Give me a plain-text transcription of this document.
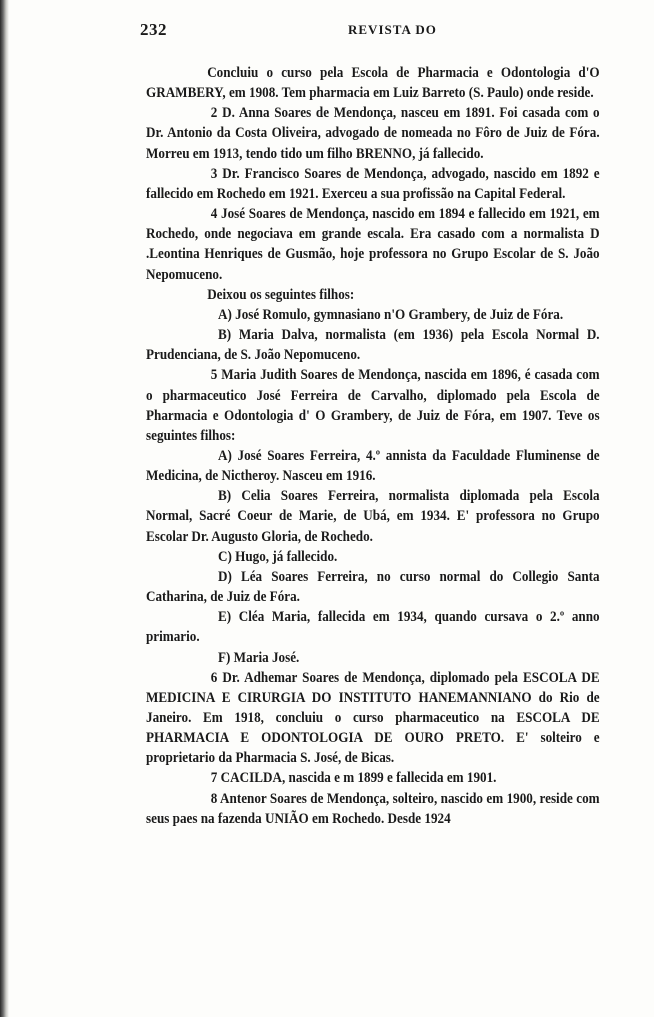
232	REVISTA DO

Concluiu o curso pela Escola de Pharmacia e Odontologia d'O GRAMBERY, em 1908. Tem pharmacia em Luiz Barreto (S. Paulo) onde reside.

2 D. Anna Soares de Mendonça, nasceu em 1891. Foi casada com o Dr. Antonio da Costa Oliveira, advogado de nomeada no Fôro de Juiz de Fóra. Morreu em 1913, tendo tido um filho BRENNO, já fallecido.

3 Dr. Francisco Soares de Mendonça, advogado, nascido em 1892 e fallecido em Rochedo em 1921. Exerceu a sua profissão na Capital Federal.

4 José Soares de Mendonça, nascido em 1894 e fallecido em 1921, em Rochedo, onde negociava em grande escala. Era casado com a normalista D .Leontina Henriques de Gusmão, hoje professora no Grupo Escolar de S. João Nepomuceno.

Deixou os seguintes filhos:

A) José Romulo, gymnasiano n'O Grambery, de Juiz de Fóra.

B) Maria Dalva, normalista (em 1936) pela Escola Normal D. Prudenciana, de S. João Nepomuceno.

5 Maria Judith Soares de Mendonça, nascida em 1896, é casada com o pharmaceutico José Ferreira de Carvalho, diplomado pela Escola de Pharmacia e Odontologia d' O Grambery, de Juiz de Fóra, em 1907. Teve os seguintes filhos:

A) José Soares Ferreira, 4.º annista da Faculdade Fluminense de Medicina, de Nictheroy. Nasceu em 1916.

B) Celia Soares Ferreira, normalista diplomada pela Escola Normal, Sacré Coeur de Marie, de Ubá, em 1934. E' professora no Grupo Escolar Dr. Augusto Gloria, de Rochedo.

C) Hugo, já fallecido.

D) Léa Soares Ferreira, no curso normal do Collegio Santa Catharina, de Juiz de Fóra.

E) Cléa Maria, fallecida em 1934, quando cursava o 2.º anno primario.

F) Maria José.

6 Dr. Adhemar Soares de Mendonça, diplomado pela ESCOLA DE MEDICINA E CIRURGIA DO INSTITUTO HANEMANNIANO do Rio de Janeiro. Em 1918, concluiu o curso pharmaceutico na ESCOLA DE PHARMACIA E ODONTOLOGIA DE OURO PRETO. E' solteiro e proprietario da Pharmacia S. José, de Bicas.

7 CACILDA, nascida e m 1899 e fallecida em 1901.

8 Antenor Soares de Mendonça, solteiro, nascido em 1900, reside com seus paes na fazenda UNIÃO em Rochedo. Desde 1924
